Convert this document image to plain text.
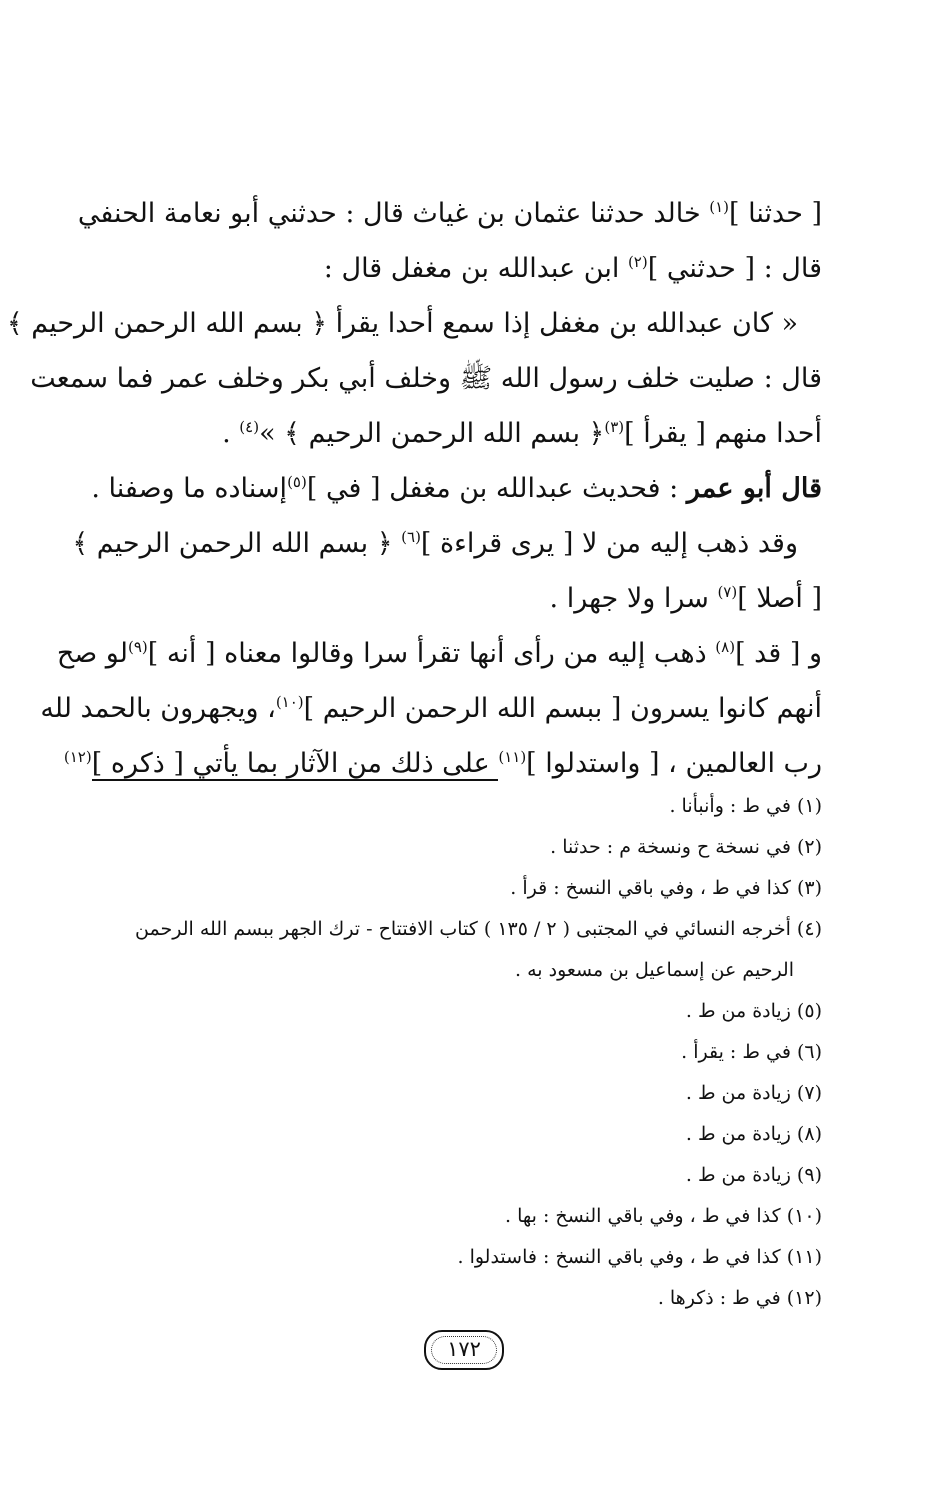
[ حدثنا ]$^{(١)}$ خالد حدثنا عثمان بن غياث قال : حدثني أبو نعامة الحنفي
قال : [ حدثني ]$^{(٢)}$ ابن عبدالله بن مغفل قال :
« كان عبدالله بن مغفل إذا سمع أحدا يقرأ ﴿ بسم الله الرحمن الرحيم ﴾
قال : صليت خلف رسول الله ﷺ وخلف أبي بكر وخلف عمر فما سمعت
أحدا منهم [ يقرأ ]$^{(٣)}$﴿ بسم الله الرحمن الرحيم ﴾ »$^{(٤)}$ .
قال أبو عمر : فحديث عبدالله بن مغفل [ في ]$^{(٥)}$إسناده ما وصفنا .
وقد ذهب إليه من لا [ يرى قراءة ]$^{(٦)}$ ﴿ بسم الله الرحمن الرحيم ﴾
[ أصلا ]$^{(٧)}$ سرا ولا جهرا .
و [ قد ]$^{(٨)}$ ذهب إليه من رأى أنها تقرأ سرا وقالوا معناه [ أنه ]$^{(٩)}$لو صح
أنهم كانوا يسرون [ ببسم الله الرحمن الرحيم ]$^{(١٠)}$، ويجهرون بالحمد لله
رب العالمين ، [ واستدلوا ]$^{(١١)}$ على ذلك من الآثار بما يأتي [ ذكره ]$^{(١٢)}$
(١) في ط : وأنبأنا .
(٢) في نسخة ح ونسخة م : حدثنا .
(٣) كذا في ط ، وفي باقي النسخ : قرأ .
(٤) أخرجه النسائي في المجتبى ( ٢ / ١٣٥ ) كتاب الافتتاح - ترك الجهر ببسم الله الرحمن
الرحيم عن إسماعيل بن مسعود به .
(٥) زيادة من ط .
(٦) في ط : يقرأ .
(٧) زيادة من ط .
(٨) زيادة من ط .
(٩) زيادة من ط .
(١٠) كذا في ط ، وفي باقي النسخ : بها .
(١١) كذا في ط ، وفي باقي النسخ : فاستدلوا .
(١٢) في ط : ذكرها .
١٧٢
